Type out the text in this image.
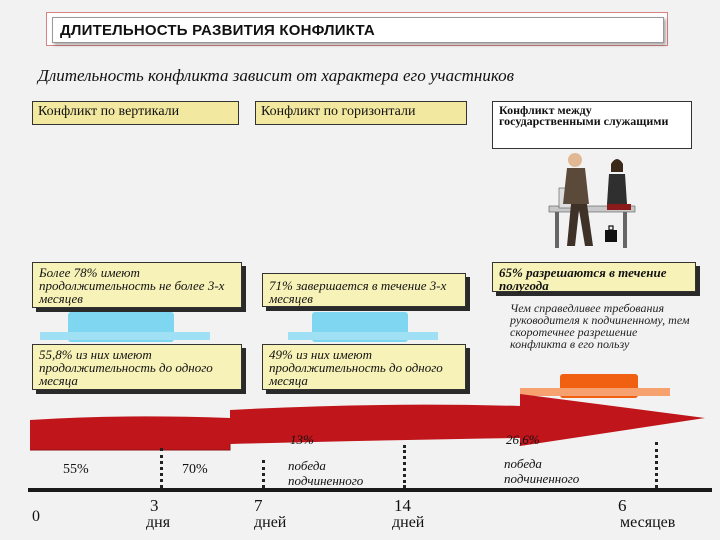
ДЛИТЕЛЬНОСТЬ РАЗВИТИЯ КОНФЛИКТА
Длительность конфликта зависит от характера его участников
Конфликт по вертикали	Конфликт по горизонтали	Конфликт между государственными служащими
Более 78% имеют продолжительность не более 3-х месяцев
71% завершается в течение 3-х месяцев
65% разрешаются в течение полугода
55,8% из них имеют продолжительность до одного месяца
49% из них имеют продолжительность до одного месяца
Чем справедливее требования руководителя к подчиненному, тем скоротечнее разрешение конфликта в его пользу
55%	70%
13%	26,6%
победа подчиненного
победа подчиненного
0
3
дня
7
дней
14
дней
6
месяцев
